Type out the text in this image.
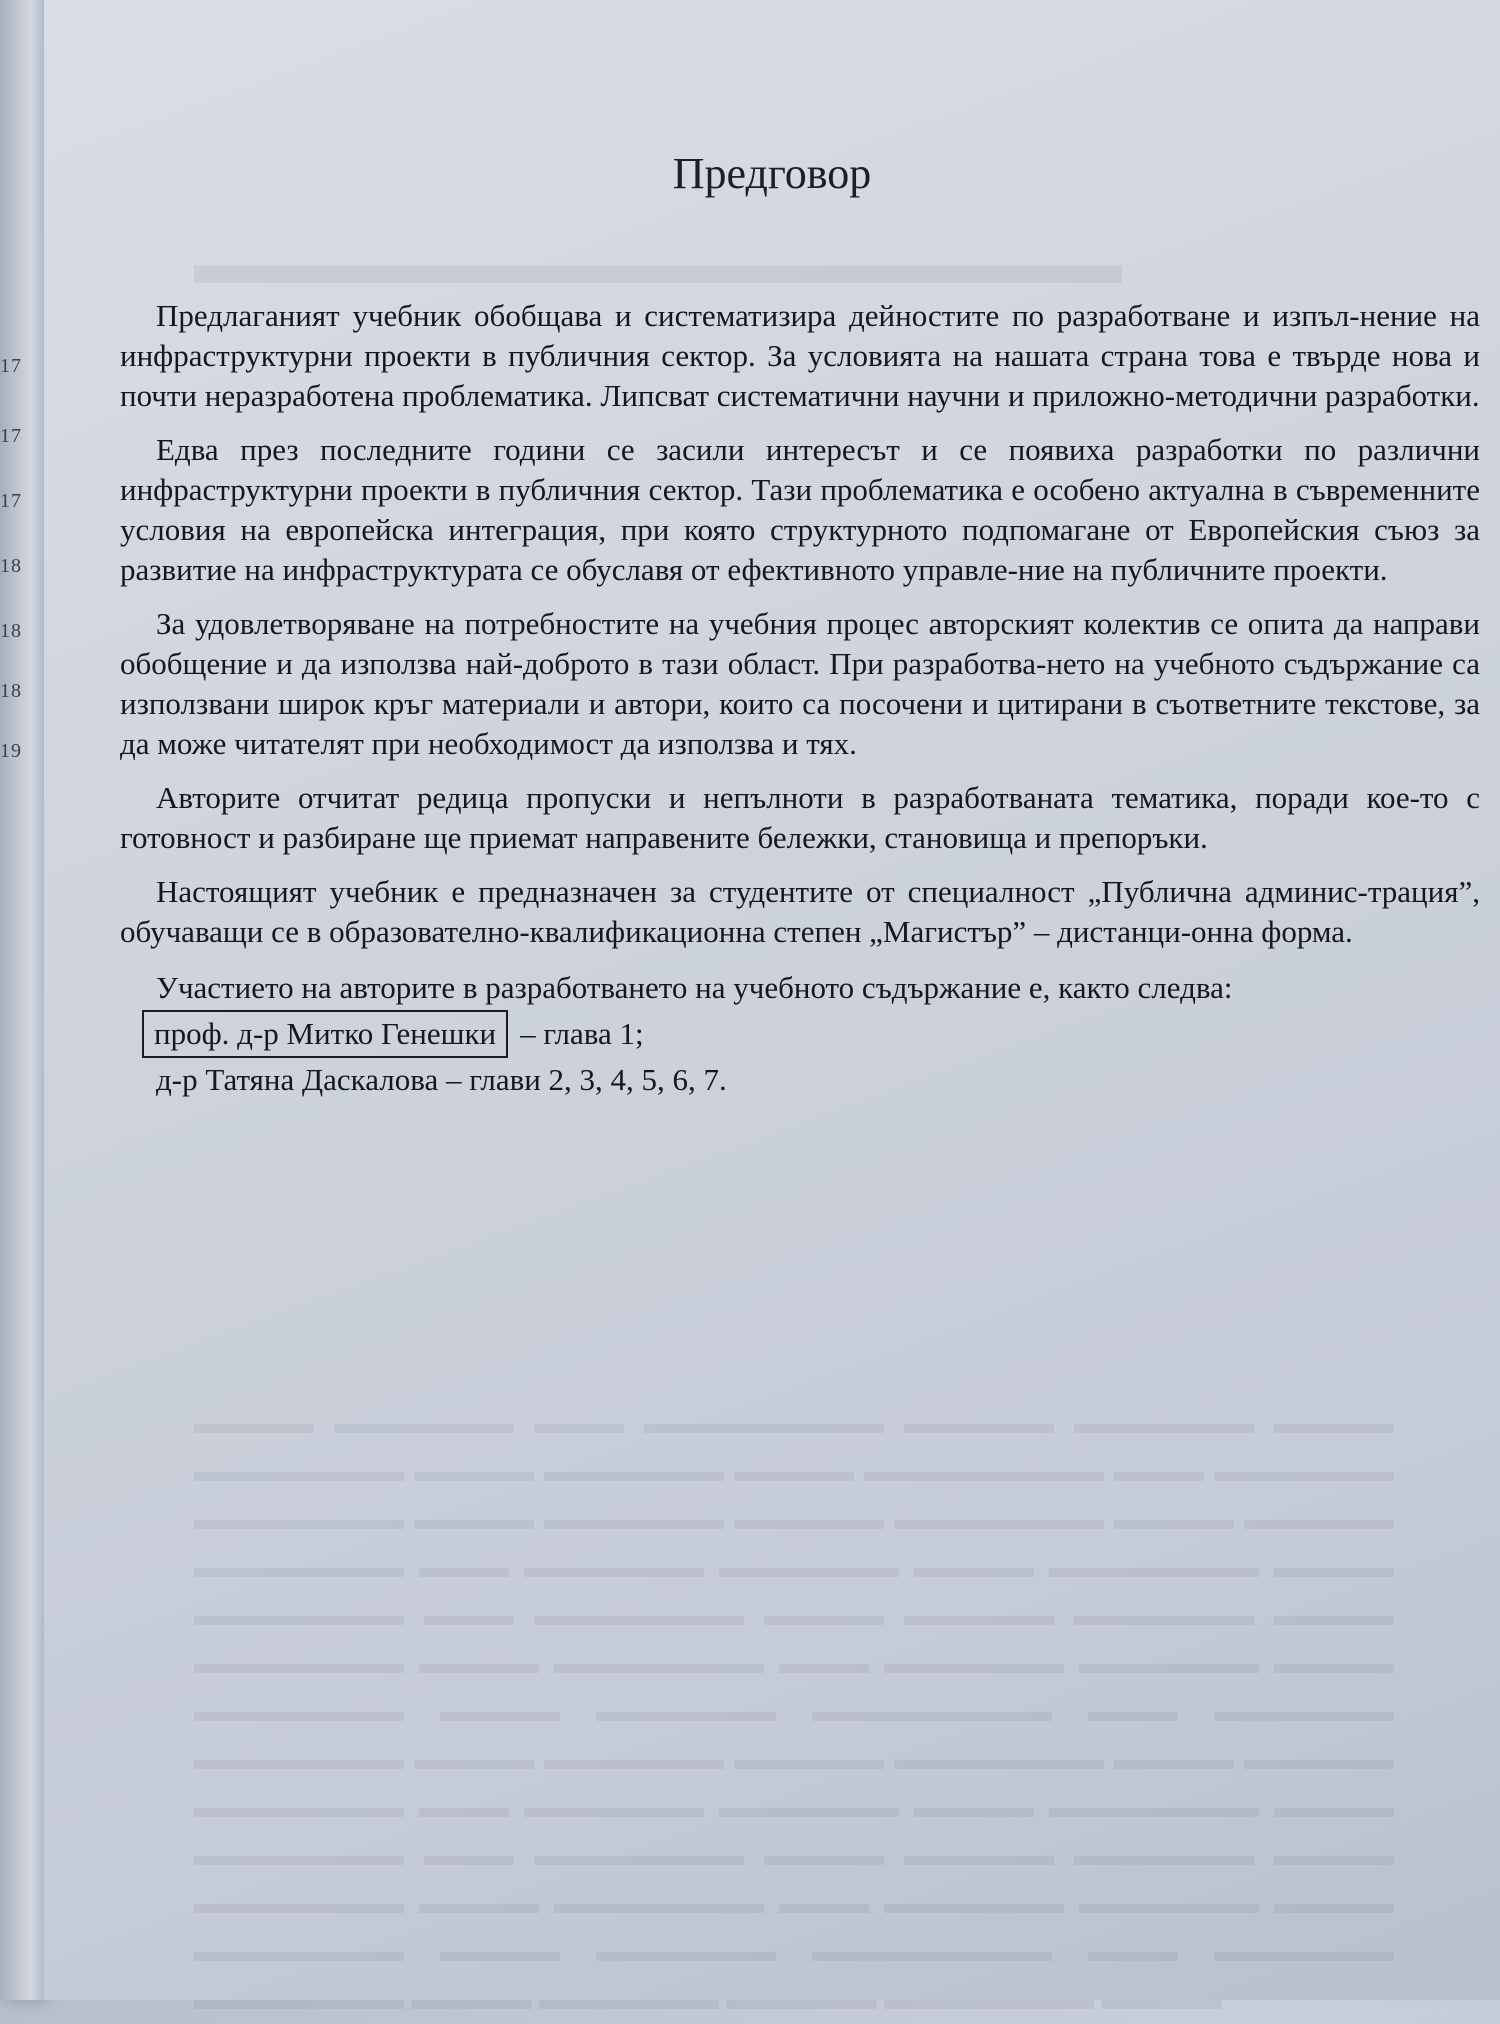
17
17
17
18
18
18
19
▬▬▬▬▬▬▬▬▬▬▬▬▬▬▬▬
▬▬▬▬ ▬▬▬▬▬▬ ▬▬▬ ▬▬▬▬▬▬▬▬ ▬▬▬▬▬ ▬▬▬▬▬▬ ▬▬▬▬ ▬▬▬▬▬▬▬ ▬▬▬▬ ▬▬▬▬▬▬ ▬▬▬▬ ▬▬▬▬▬▬▬▬ ▬▬▬ ▬▬▬▬▬▬ ▬▬▬▬▬▬▬ ▬▬▬▬ ▬▬▬▬▬▬ ▬▬▬▬▬ ▬▬▬▬▬▬▬ ▬▬▬▬ ▬▬▬▬▬ ▬▬▬▬▬▬▬ ▬▬▬ ▬▬▬▬▬▬ ▬▬▬▬▬▬ ▬▬▬▬ ▬▬▬▬▬▬▬ ▬▬▬▬ ▬▬▬▬▬▬▬ ▬▬▬ ▬▬▬▬▬▬▬ ▬▬▬▬ ▬▬▬▬▬ ▬▬▬▬▬▬ ▬▬▬▬ ▬▬▬▬▬▬▬ ▬▬▬▬ ▬▬▬▬▬▬▬ ▬▬▬ ▬▬▬▬▬▬ ▬▬▬▬▬▬ ▬▬▬▬ ▬▬▬▬▬▬▬ ▬▬▬▬ ▬▬▬▬▬▬ ▬▬▬▬▬▬▬▬ ▬▬▬ ▬▬▬▬▬▬ ▬▬▬▬▬▬▬ ▬▬▬▬ ▬▬▬▬▬▬ ▬▬▬▬▬ ▬▬▬▬▬▬▬ ▬▬▬▬ ▬▬▬▬▬ ▬▬▬▬▬▬▬ ▬▬▬ ▬▬▬▬▬▬ ▬▬▬▬▬▬ ▬▬▬▬ ▬▬▬▬▬▬▬ ▬▬▬▬ ▬▬▬▬▬▬▬ ▬▬▬ ▬▬▬▬▬▬▬ ▬▬▬▬ ▬▬▬▬▬ ▬▬▬▬▬▬ ▬▬▬▬ ▬▬▬▬▬▬▬ ▬▬▬▬ ▬▬▬▬▬▬▬ ▬▬▬ ▬▬▬▬▬▬ ▬▬▬▬▬▬ ▬▬▬▬ ▬▬▬▬▬▬▬ ▬▬▬▬ ▬▬▬▬▬▬ ▬▬▬▬▬▬▬▬ ▬▬▬ ▬▬▬▬▬▬ ▬▬▬▬▬▬▬ ▬▬▬▬ ▬▬▬▬▬▬ ▬▬▬▬▬ ▬▬▬▬▬▬▬ ▬▬▬▬
Предговор

Предлаганият учебник обобщава и систематизира дейностите по разработване и изпъл-нение на инфраструктурни проекти в публичния сектор. За условията на нашата страна това е твърде нова и почти неразработена проблематика. Липсват систематични научни и приложно-методични разработки.

Едва през последните години се засили интересът и се появиха разработки по различни инфраструктурни проекти в публичния сектор. Тази проблематика е особено актуална в съвременните условия на европейска интеграция, при която структурното подпомагане от Европейския съюз за развитие на инфраструктурата се обуславя от ефективното управле-ние на публичните проекти.

За удовлетворяване на потребностите на учебния процес авторският колектив се опита да направи обобщение и да използва най-доброто в тази област. При разработва-нето на учебното съдържание са използвани широк кръг материали и автори, които са посочени и цитирани в съответните текстове, за да може читателят при необходимост да използва и тях.

Авторите отчитат редица пропуски и непълноти в разработваната тематика, поради кое-то с готовност и разбиране ще приемат направените бележки, становища и препоръки.

Настоящият учебник е предназначен за студентите от специалност „Публична админис-трация”, обучаващи се в образователно-квалификационна степен „Магистър” – дистанци-онна форма.

Участието на авторите в разработването на учебното съдържание е, както следва:

проф. д-р Митко Генешки – глава 1;
д-р Татяна Даскалова – глави 2, 3, 4, 5, 6, 7.
